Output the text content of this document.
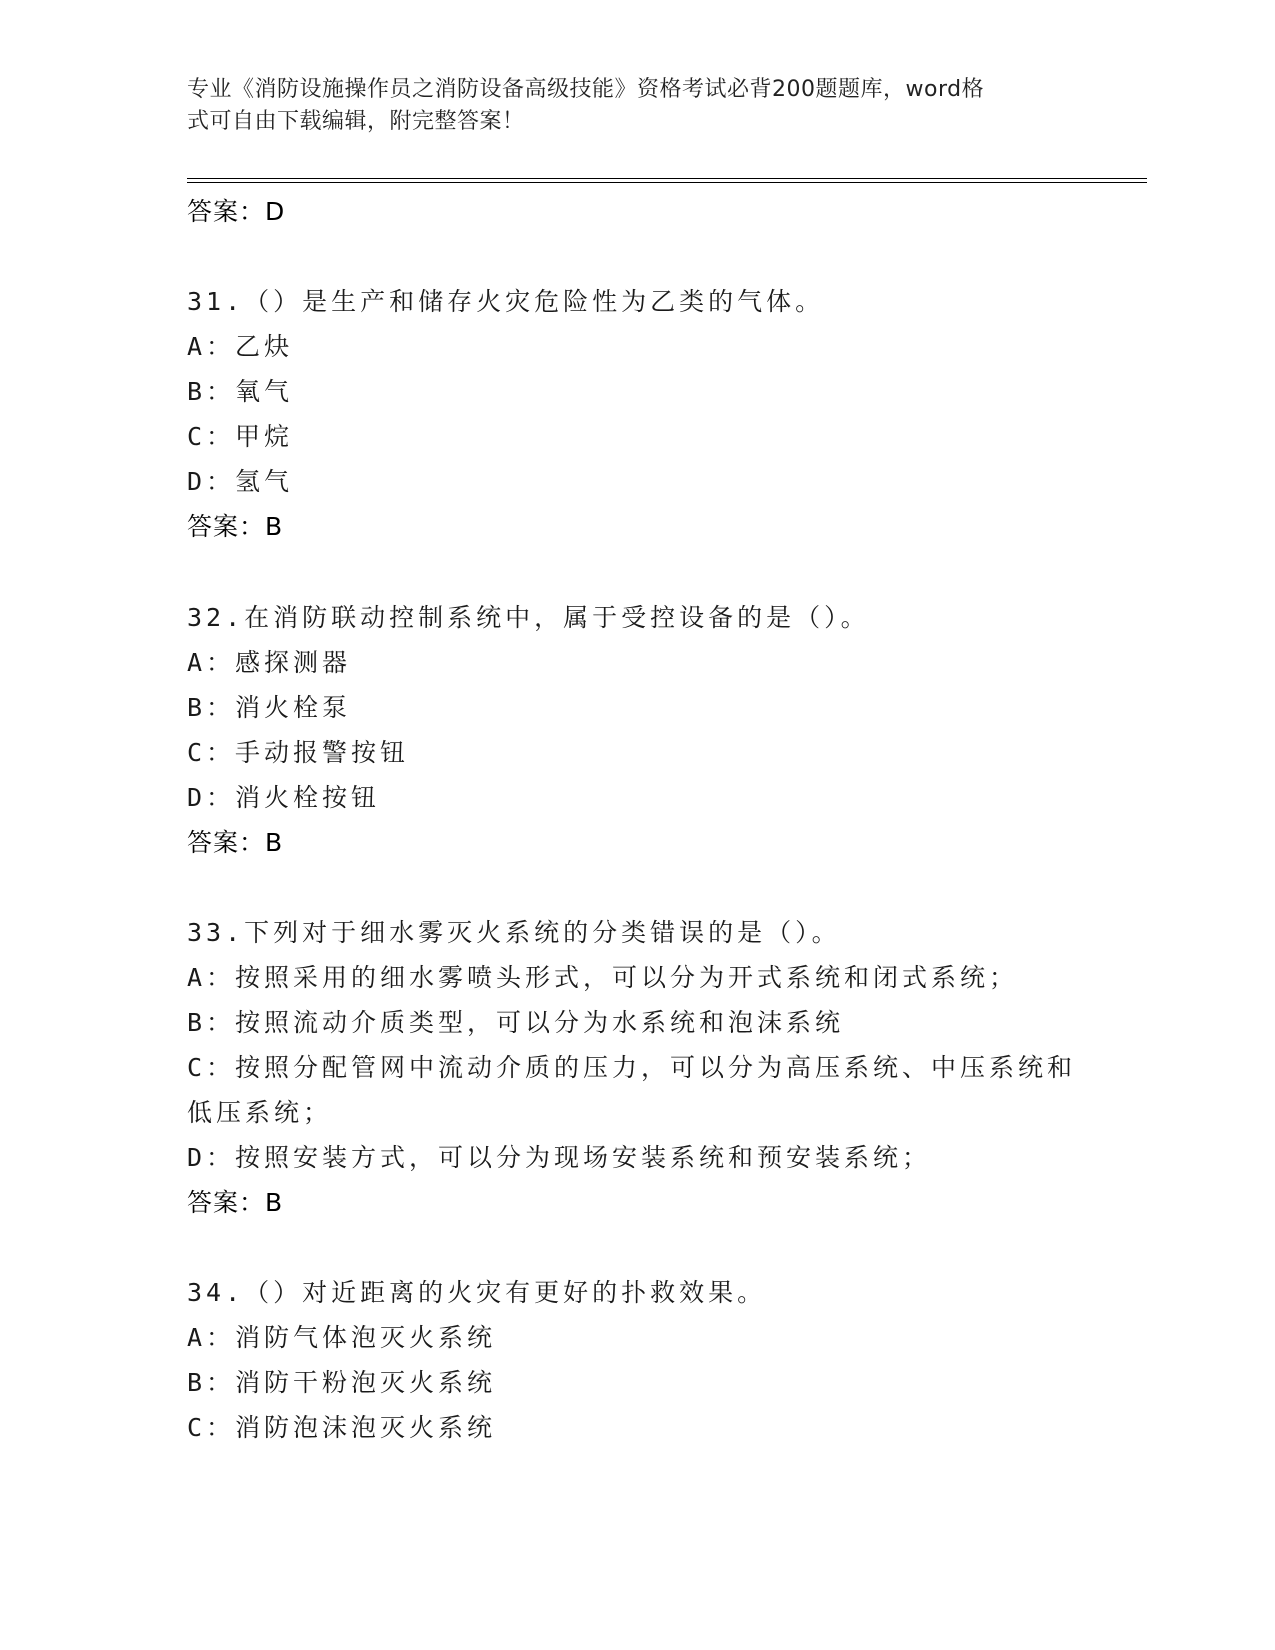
专业《消防设施操作员之消防设备高级技能》资格考试必背200题题库，word格
式可自由下载编辑，附完整答案！
答案：D
31.（）是生产和储存火灾危险性为乙类的气体。
A：乙炔
B：氧气
C：甲烷
D：氢气
答案：B
32.在消防联动控制系统中，属于受控设备的是（）。
A：感探测器
B：消火栓泵
C：手动报警按钮
D：消火栓按钮
答案：B
33.下列对于细水雾灭火系统的分类错误的是（）。
A：按照采用的细水雾喷头形式，可以分为开式系统和闭式系统；
B：按照流动介质类型，可以分为水系统和泡沫系统
C：按照分配管网中流动介质的压力，可以分为高压系统、中压系统和
低压系统；
D：按照安装方式，可以分为现场安装系统和预安装系统；
答案：B
34.（）对近距离的火灾有更好的扑救效果。
A：消防气体泡灭火系统
B：消防干粉泡灭火系统
C：消防泡沫泡灭火系统
